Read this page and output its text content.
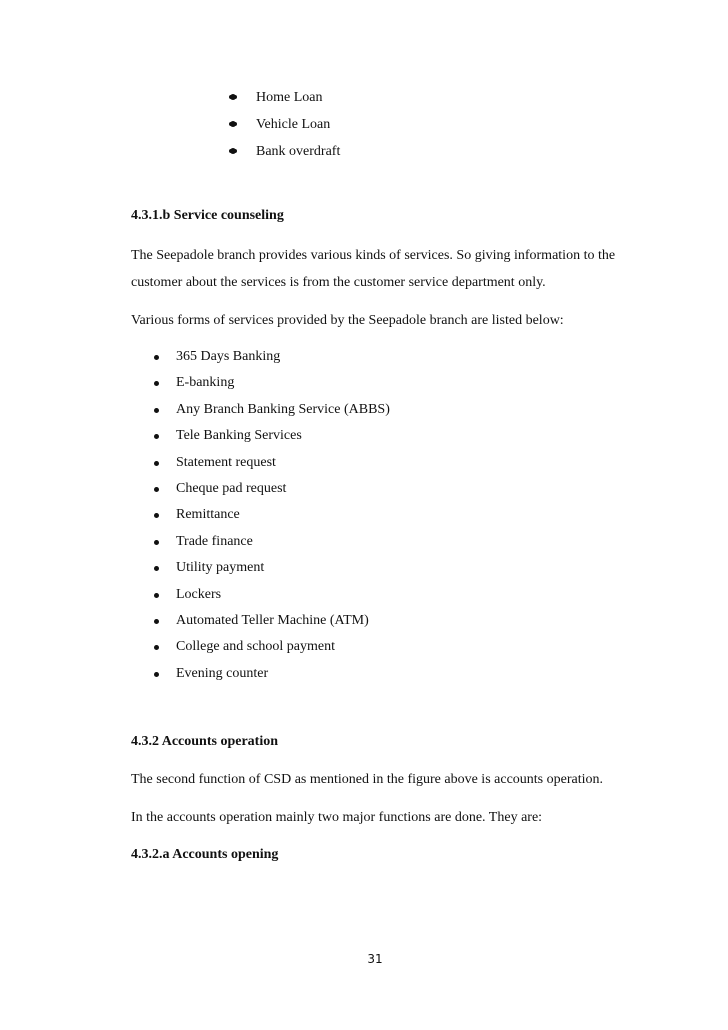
Home Loan
Vehicle Loan
Bank overdraft
4.3.1.b Service counseling
The Seepadole branch provides various kinds of services. So giving information to the
customer about the services is from the customer service department only.
Various forms of services provided by the Seepadole branch are listed below:
365 Days Banking
E-banking
Any Branch Banking Service (ABBS)
Tele Banking Services
Statement request
Cheque pad request
Remittance
Trade finance
Utility payment
Lockers
Automated Teller Machine (ATM)
College and school payment
Evening counter
4.3.2 Accounts operation
The second function of CSD as mentioned in the figure above is accounts operation.
In the accounts operation mainly two major functions are done. They are:
4.3.2.a Accounts opening
31
